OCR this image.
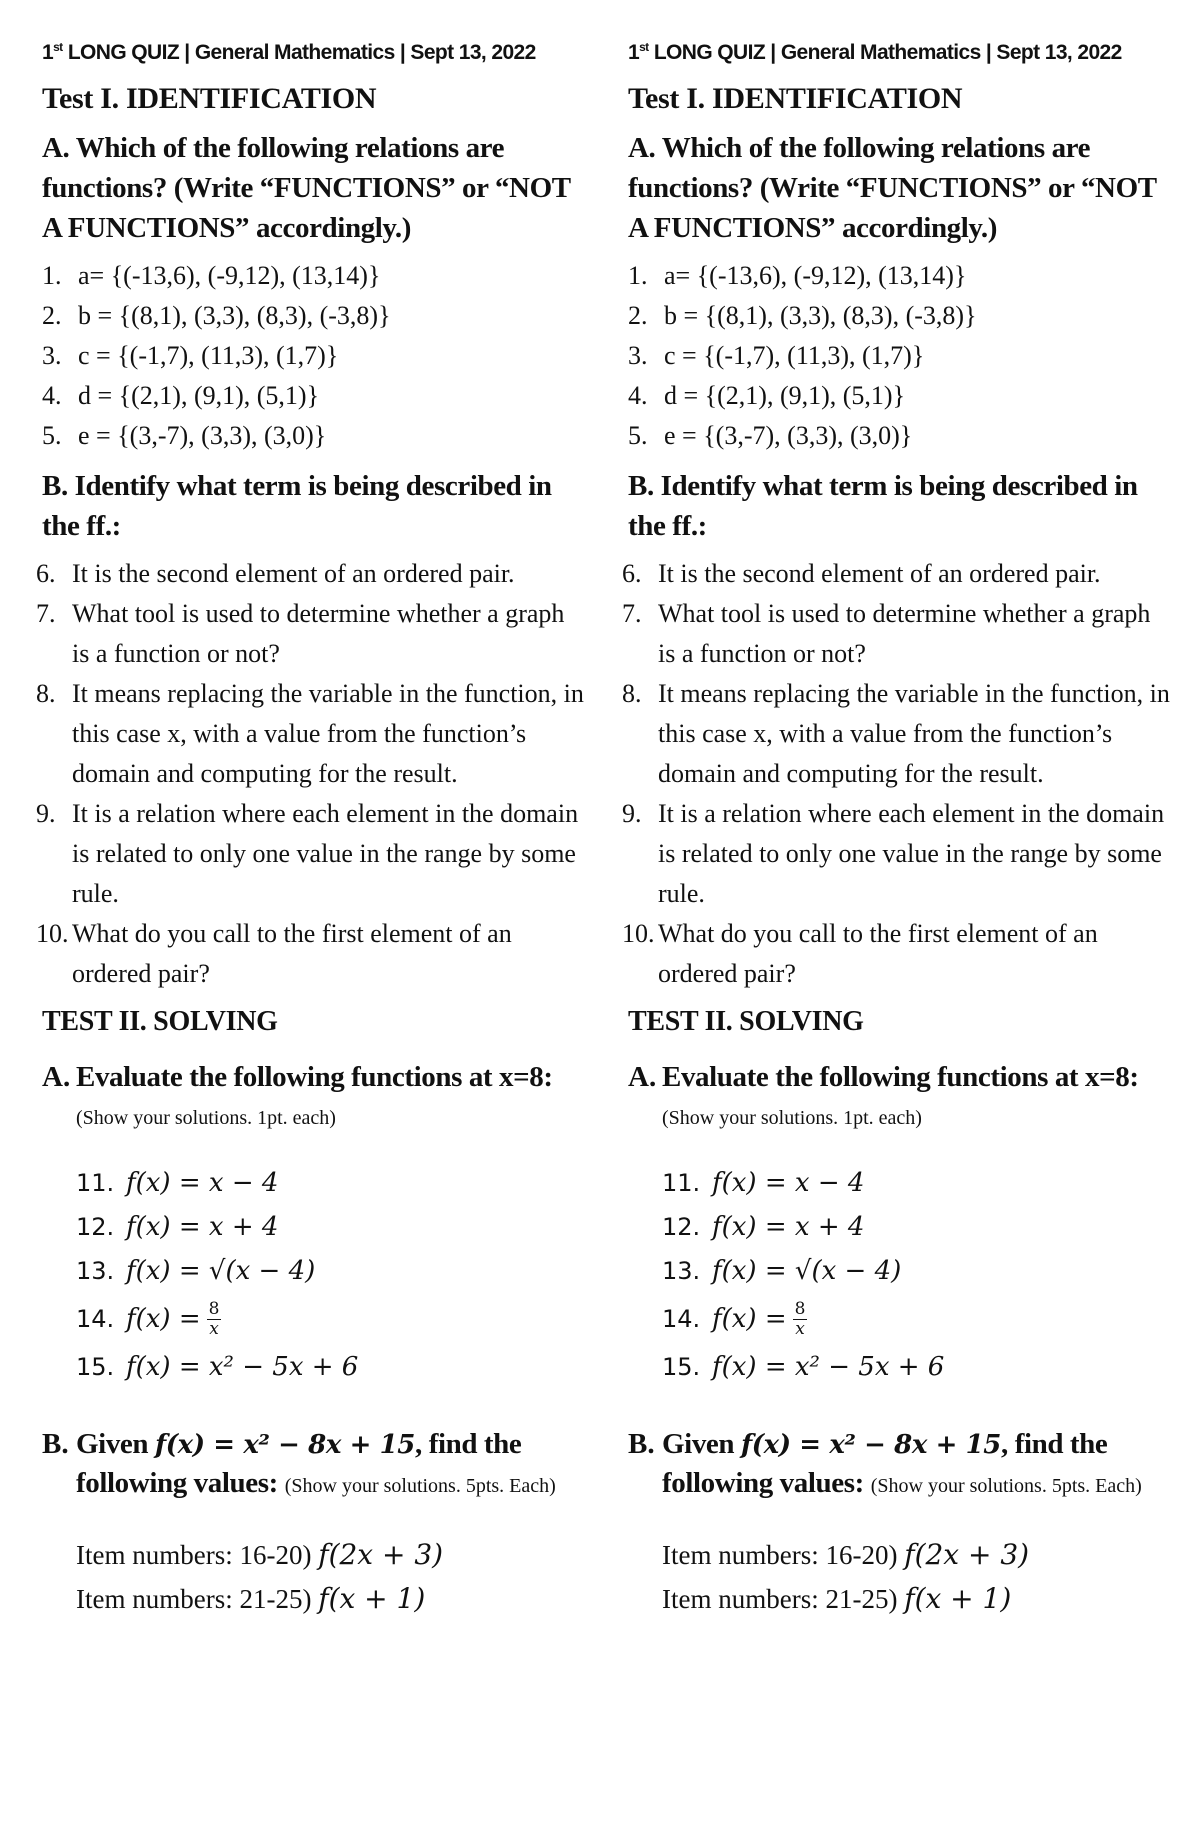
1st LONG QUIZ | General Mathematics | Sept 13, 2022
Test I. IDENTIFICATION
A. Which of the following relations are functions? (Write “FUNCTIONS” or “NOT A FUNCTIONS” accordingly.)
1. a= {(-13,6), (-9,12), (13,14)}
2. b = {(8,1), (3,3), (8,3), (-3,8)}
3. c = {(-1,7), (11,3), (1,7)}
4. d = {(2,1), (9,1), (5,1)}
5. e = {(3,-7), (3,3), (3,0)}
B. Identify what term is being described in the ff.:
6. It is the second element of an ordered pair.
7. What tool is used to determine whether a graph is a function or not?
8. It means replacing the variable in the function, in this case x, with a value from the function’s domain and computing for the result.
9. It is a relation where each element in the domain is related to only one value in the range by some rule.
10. What do you call to the first element of an ordered pair?
TEST II. SOLVING
A. Evaluate the following functions at x=8: (Show your solutions. 1pt. each)
11. f(x) = x − 4
12. f(x) = x + 4
13. f(x) = √(x − 4)
14. $f(x) = \frac{8}{x}$
15. f(x) = x² − 5x + 6
B. Given f(x) = x² − 8x + 15, find the following values: (Show your solutions. 5pts. Each)
Item numbers: 16-20) f(2x + 3)
Item numbers: 21-25) f(x + 1)
1st LONG QUIZ | General Mathematics | Sept 13, 2022
Test I. IDENTIFICATION
A. Which of the following relations are functions? (Write “FUNCTIONS” or “NOT A FUNCTIONS” accordingly.)
1. a= {(-13,6), (-9,12), (13,14)}
2. b = {(8,1), (3,3), (8,3), (-3,8)}
3. c = {(-1,7), (11,3), (1,7)}
4. d = {(2,1), (9,1), (5,1)}
5. e = {(3,-7), (3,3), (3,0)}
B. Identify what term is being described in the ff.:
6. It is the second element of an ordered pair.
7. What tool is used to determine whether a graph is a function or not?
8. It means replacing the variable in the function, in this case x, with a value from the function’s domain and computing for the result.
9. It is a relation where each element in the domain is related to only one value in the range by some rule.
10. What do you call to the first element of an ordered pair?
TEST II. SOLVING
A. Evaluate the following functions at x=8: (Show your solutions. 1pt. each)
11. f(x) = x − 4
12. f(x) = x + 4
13. f(x) = √(x − 4)
14. $f(x) = \frac{8}{x}$
15. f(x) = x² − 5x + 6
B. Given f(x) = x² − 8x + 15, find the following values: (Show your solutions. 5pts. Each)
Item numbers: 16-20) f(2x + 3)
Item numbers: 21-25) f(x + 1)
